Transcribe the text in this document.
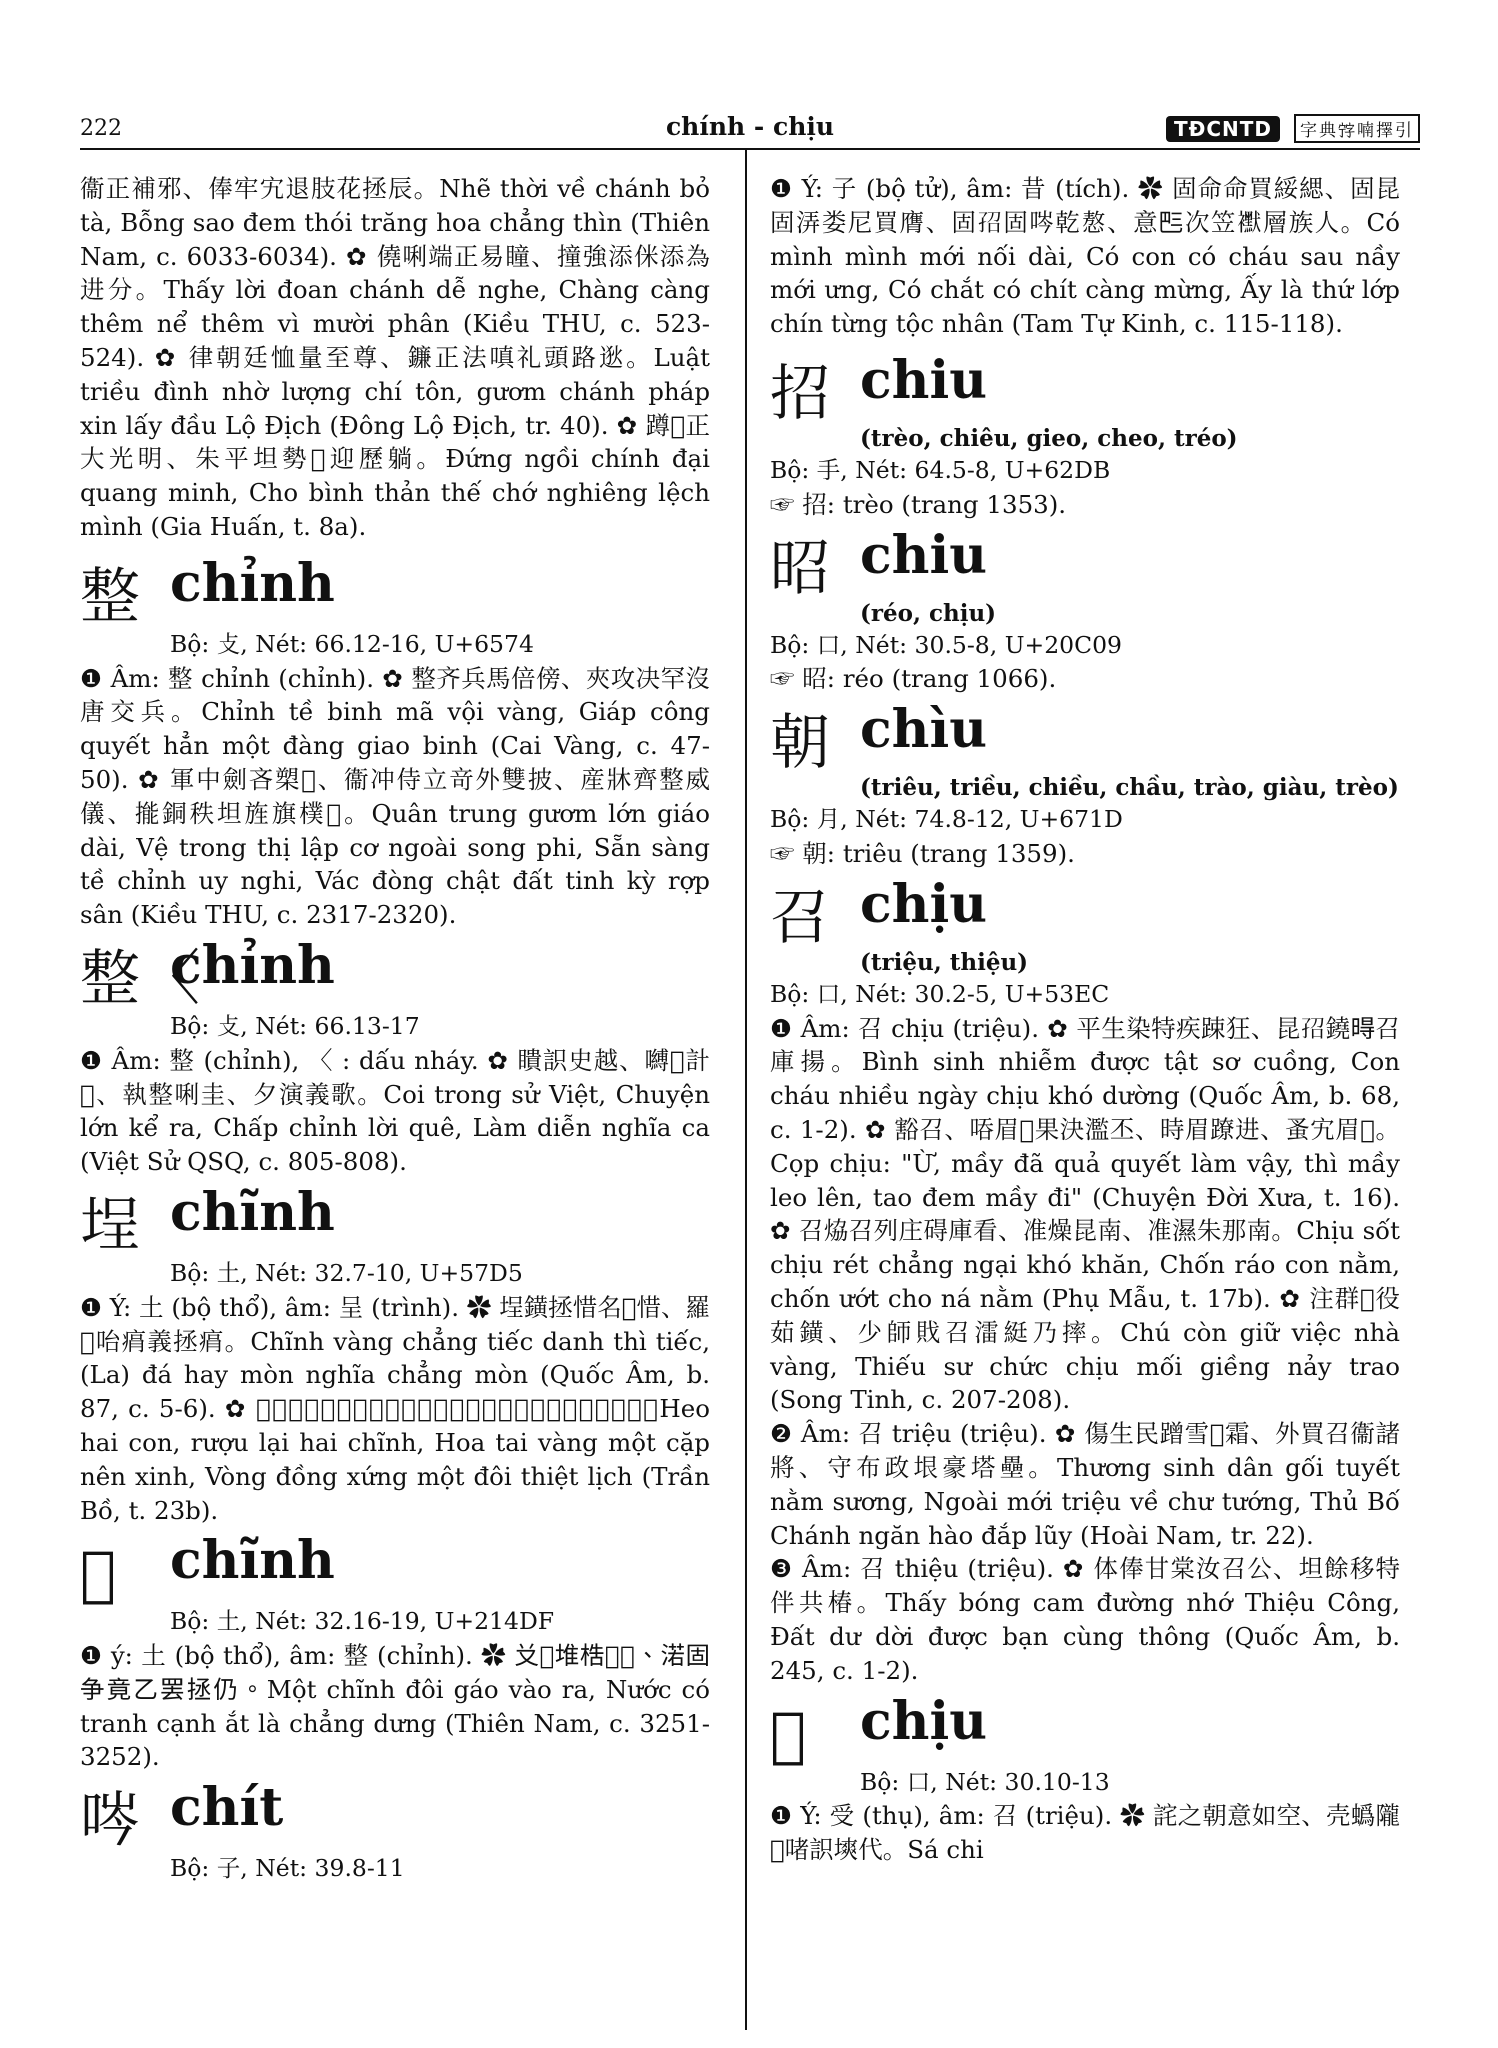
222	chính - chịu	TĐCNTD	字典𡨸喃擇引

衞正補邪、俸牢宄退肢花拯辰。Nhẽ thời về chánh bỏ tà, Bỗng sao đem thói trăng hoa chẳng thìn (Thiên Nam, c. 6033-6034). ✿ 僥唎端正易瞳、撞強添侎添為进分。Thấy lời đoan chánh dễ nghe, Chàng càng thêm nể thêm vì mười phân (Kiều THU, c. 523-524). ✿ 律朝廷恤量至尊、鐮正法嗔礼頭路逖。Luật triều đình nhờ lượng chí tôn, gươm chánh pháp xin lấy đầu Lộ Địch (Đông Lộ Địch, tr. 40). ✿ 蹲𣌉正大光明、朱平坦勢𦼔迎歷躺。Đứng ngồi chính đại quang minh, Cho bình thản thế chớ nghiêng lệch mình (Gia Huấn, t. 8a).

整 chỉnh

Bộ: 攴, Nét: 66.12-16, U+6574

❶ Âm: 整 chỉnh (chỉnh). ✿ 整齐兵馬倍傍、夾攻决罕沒唐交兵。Chỉnh tề binh mã vội vàng, Giáp công quyết hẳn một đàng giao binh (Cai Vàng, c. 47-50). ✿ 軍中劍吝槊𨱽、衞冲侍立竒外雙披、産牀齊整威儀、㨢銅秩坦旌旗樸𡑖。Quân trung gươm lớn giáo dài, Vệ trong thị lập cơ ngoài song phi, Sẵn sàng tề chỉnh uy nghi, Vác đòng chật đất tinh kỳ rợp sân (Kiều THU, c. 2317-2320).

整〈
chỉnh

Bộ: 攴, Nét: 66.13-17

❶ Âm: 整 (chỉnh), 〈 : dấu nháy. ✿ 瞶䛊史越、嚩𧦕計𪡟、執整唎圭、夕演義歌。Coi trong sử Việt, Chuyện lớn kể ra, Chấp chỉnh lời quê, Làm diễn nghĩa ca (Việt Sử QSQ, c. 805-808).

埕 chĩnh

Bộ: 土, Nét: 32.7-10, U+57D5

❶ Ý: 土 (bộ thổ), âm: 呈 (trình). ✿ 埕鐄拯惜名𥙩惜、羅𥕄咍㾓義拯㾓。Chĩnh vàng chẳng tiếc danh thì tiếc, (La) đá hay mòn nghĩa chẳng mòn (Quốc Âm, b. 87, c. 5-6). ✿ 𤞻𠄩猉、醞吏𠄩埕、花聰鐄𠬠𢬗𢹣𢶢、釯銅稱𠬠堆實歷。Heo hai con, rượu lại hai chĩnh, Hoa tai vàng một cặp nên xinh, Vòng đồng xứng một đôi thiệt lịch (Trần Bồ, t. 23b).

𡓟 chĩnh

Bộ: 土, Nét: 32.16-19, U+214DF

❶ ý: 土 (bộ thổ), âm: 整 (chỉnh). ✿ 𠬠𡓟堆梏𩛂𪡟、渃固争竟乙罢拯仍。Một chĩnh đôi gáo vào ra, Nước có tranh cạnh ắt là chẳng dưng (Thiên Nam, c. 3251-3252).

㖗 chít

Bộ: 子, Nét: 39.8-11

❶ Ý: 子 (bộ tử), âm: 昔 (tích). ✿ 固命命買綏緦、固昆固㳥娄尼買膺、固𡥙固㖗乾㥿、意𠀧次笠𧞾層族人。Có mình mình mới nối dài, Có con có cháu sau nầy mới ưng, Có chắt có chít càng mừng, Ấy là thứ lớp chín từng tộc nhân (Tam Tự Kinh, c. 115-118).

招 chiu

(trèo, chiêu, gieo, cheo, tréo)

Bộ: 手, Nét: 64.5-8, U+62DB

☞ 招: trèo (trang 1353).

昭 chiu

(réo, chịu)

Bộ: 口, Nét: 30.5-8, U+20C09

☞ 昭: réo (trang 1066).

朝 chìu

(triêu, triều, chiều, chầu, trào, giàu, trèo)

Bộ: 月, Nét: 74.8-12, U+671D

☞ 朝: triêu (trang 1359).

召 chịu

(triệu, thiệu)

Bộ: 口, Nét: 30.2-5, U+53EC

❶ Âm: 召 chịu (triệu). ✿ 平生染特疾踈狂、昆𡥙鐃𣈜召庫揚。Bình sinh nhiễm được tật sơ cuồng, Con cháu nhiều ngày chịu khó dường (Quốc Âm, b. 68, c. 1-2). ✿ 豁召、㖔眉𠃣果決濫丕、時眉蹽进、蚤宄眉𢬣。Cọp chịu: "Ừ, mầy đã quả quyết làm vậy, thì mầy leo lên, tao đem mầy đi" (Chuyện Đời Xưa, t. 16). ✿ 召㶸召列庄碍庫看、准燥昆南、准濕朱那南。Chịu sốt chịu rét chẳng ngại khó khăn, Chốn ráo con nằm, chốn ướt cho ná nằm (Phụ Mẫu, t. 17b). ✿ 注群𤀗役茹鐄、少師戝召㵢綎乃摔。Chú còn giữ việc nhà vàng, Thiếu sư chức chịu mối giềng nảy trao (Song Tinh, c. 207-208).

❷ Âm: 召 triệu (triệu). ✿ 傷生民蹭雪𦝄霜、外買召衞諸將、守布政垠豪塔壘。Thương sinh dân gối tuyết nằm sương, Ngoài mới triệu về chư tướng, Thủ Bố Chánh ngăn hào đắp lũy (Hoài Nam, tr. 22).

❸ Âm: 召 thiệu (triệu). ✿ 体俸甘棠汝召公、坦餘移特伴共椿。Thấy bóng cam đường nhớ Thiệu Công, Đất dư dời được bạn cùng thông (Quốc Âm, b. 245, c. 1-2).

𠰷 chịu

Bộ: 口, Nét: 30.10-13

❶ Ý: 受 (thụ), âm: 召 (triệu). ✿ 詫之朝意如空、壳蟡隴𠰷啫䛊塽代。Sá chi
